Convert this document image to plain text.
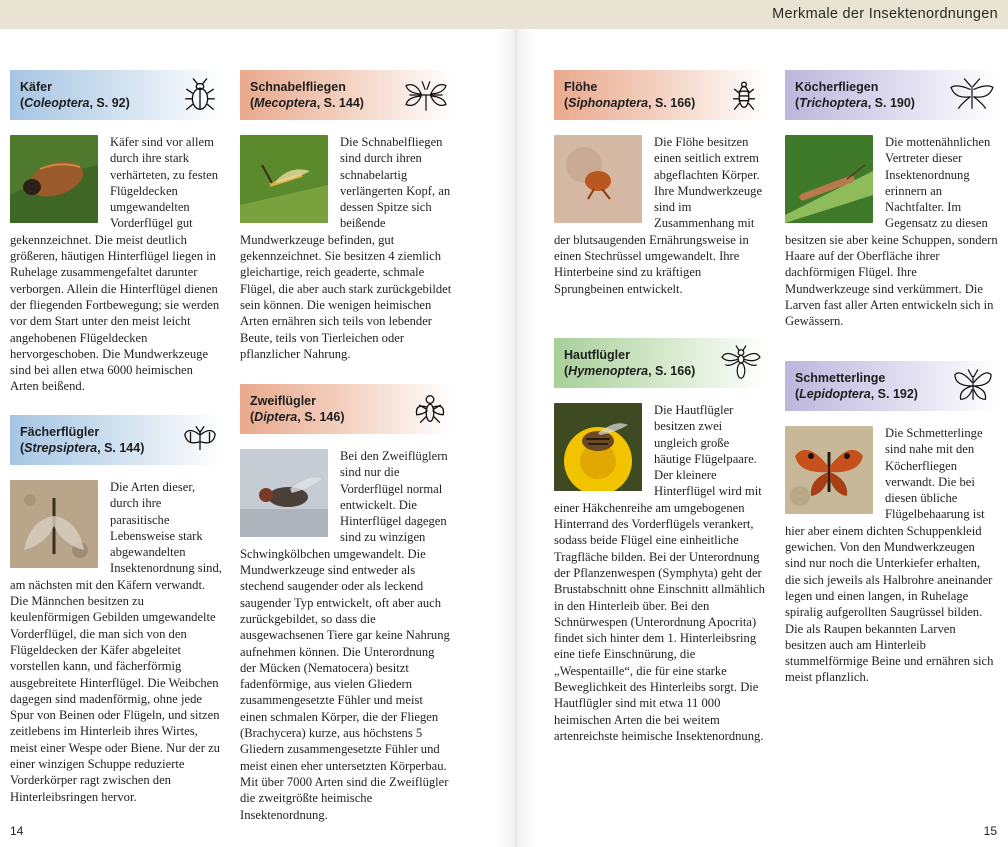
Merkmale der Insektenordnungen
Käfer
(Coleoptera, S. 92)

Käfer sind vor allem durch ihre stark verhärteten, zu festen Flügeldecken umgewandelten Vorderflügel gut gekennzeichnet. Die meist deutlich größeren, häutigen Hinterflügel liegen in Ruhelage zusammengefaltet darunter verborgen. Allein die Hinterflügel dienen der fliegenden Fortbewegung; sie werden vor dem Start unter den meist leicht angehobenen Flügeldecken hervorgeschoben. Die Mundwerkzeuge sind bei allen etwa 6000 heimischen Arten beißend.

Fächerflügler
(Strepsiptera, S. 144)

Die Arten dieser, durch ihre parasitische Lebensweise stark abgewandelten Insektenordnung sind, am nächsten mit den Käfern verwandt. Die Männchen besitzen zu keulenförmigen Gebilden umgewandelte Vorderflügel, die man sich von den Flügeldecken der Käfer abgeleitet vorstellen kann, und fächerförmig ausgebreitete Hinterflügel. Die Weibchen dagegen sind madenförmig, ohne jede Spur von Beinen oder Flügeln, und sitzen zeitlebens im Hinterleib ihres Wirtes, meist einer Wespe oder Biene. Nur der zu einer winzigen Schuppe reduzierte Vorderkörper ragt zwischen den Hinterleibsringen hervor.

Schnabelfliegen
(Mecoptera, S. 144)

Die Schnabelfliegen sind durch ihren schnabelartig verlängerten Kopf, an dessen Spitze sich beißende Mundwerkzeuge befinden, gut gekennzeichnet. Sie besitzen 4 ziemlich gleichartige, reich geaderte, schmale Flügel, die aber auch stark zurückgebildet sein können. Die wenigen heimischen Arten ernähren sich teils von lebender Beute, teils von Tierleichen oder pflanzlicher Nahrung.

Zweiflügler
(Diptera, S. 146)

Bei den Zweiflüglern sind nur die Vorderflügel normal entwickelt. Die Hinterflügel dagegen sind zu winzigen Schwingkölbchen umgewandelt. Die Mundwerkzeuge sind entweder als stechend saugender oder als leckend saugender Typ entwickelt, oft aber auch zurückgebildet, so dass die ausgewachsenen Tiere gar keine Nahrung aufnehmen können. Die Unterordnung der Mücken (Nematocera) besitzt fadenförmige, aus vielen Gliedern zusammengesetzte Fühler und meist einen schmalen Körper, die der Fliegen (Brachycera) kurze, aus höchstens 5 Gliedern zusammengesetzte Fühler und meist einen eher untersetzten Körperbau. Mit über 7000 Arten sind die Zweiflügler die zweitgrößte heimische Insektenordnung.

Flöhe
(Siphonaptera, S. 166)

Die Flöhe besitzen einen seitlich extrem abgeflachten Körper. Ihre Mundwerkzeuge sind im Zusammenhang mit der blutsaugenden Ernährungsweise in einen Stechrüssel umgewandelt. Ihre Hinterbeine sind zu kräftigen Sprungbeinen entwickelt.

Hautflügler
(Hymenoptera, S. 166)

Die Hautflügler besitzen zwei ungleich große häutige Flügelpaare. Der kleinere Hinterflügel wird mit einer Häkchenreihe am umgebogenen Hinterrand des Vorderflügels verankert, sodass beide Flügel eine einheitliche Tragfläche bilden. Bei der Unterordnung der Pflanzenwespen (Symphyta) geht der Brustabschnitt ohne Einschnitt allmählich in den Hinterleib über. Bei den Schnürwespen (Unterordnung Apocrita) findet sich hinter dem 1. Hinterleibsring eine tiefe Einschnürung, die „Wespentaille“, die für eine starke Beweglichkeit des Hinterleibs sorgt. Die Hautflügler sind mit etwa 11 000 heimischen Arten die bei weitem artenreichste heimische Insektenordnung.

Köcherfliegen
(Trichoptera, S. 190)

Die mottenähnlichen Vertreter dieser Insektenordnung erinnern an Nachtfalter. Im Gegensatz zu diesen besitzen sie aber keine Schuppen, sondern Haare auf der Oberfläche ihrer dachförmigen Flügel. Ihre Mundwerkzeuge sind verkümmert. Die Larven fast aller Arten entwickeln sich in Gewässern.

Schmetterlinge
(Lepidoptera, S. 192)

Die Schmetterlinge sind nahe mit den Köcherfliegen verwandt. Die bei diesen übliche Flügelbehaarung ist hier aber einem dichten Schuppenkleid gewichen. Von den Mundwerkzeugen sind nur noch die Unterkiefer erhalten, die sich jeweils als Halbrohre aneinander legen und einen langen, in Ruhelage spiralig aufgerollten Saugrüssel bilden. Die als Raupen bekannten Larven besitzen auch am Hinterleib stummelförmige Beine und ernähren sich meist pflanzlich.

14	15
